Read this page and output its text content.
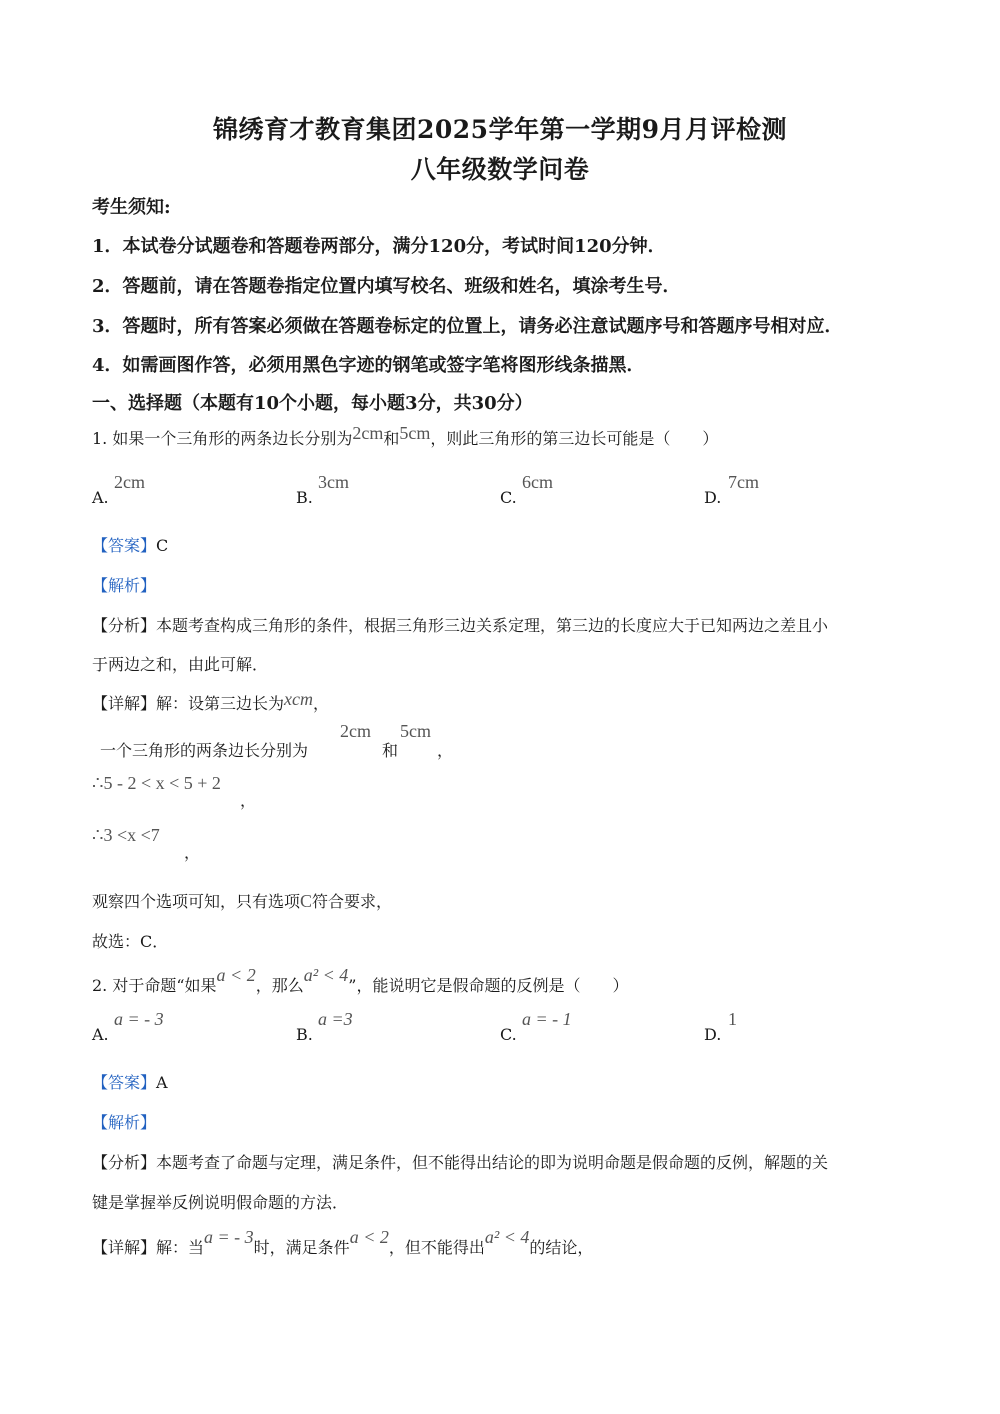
锦绣育才教育集团2025学年第一学期9月月评检测
八年级数学问卷
考生须知:
1．本试卷分试题卷和答题卷两部分，满分120分，考试时间120分钟．
2．答题前，请在答题卷指定位置内填写校名、班级和姓名，填涂考生号．
3．答题时，所有答案必须做在答题卷标定的位置上，请务必注意试题序号和答题序号相对应．
4．如需画图作答，必须用黑色字迹的钢笔或签字笔将图形线条描黑．
一、选择题（本题有10个小题，每小题3分，共30分）
1. 如果一个三角形的两条边长分别为2cm和5cm，则此三角形的第三边长可能是（　　）
A.
2cm
B.
3cm
C.
6cm
D.
7cm
【答案】C
【解析】
【分析】本题考查构成三角形的条件，根据三角形三边关系定理，第三边的长度应大于已知两边之差且小
于两边之和，由此可解．
【详解】解：设第三边长为xcm，
一个三角形的两条边长分别为
2cm
和
5cm
，
∴5 - 2 < x < 5 + 2
，
∴3 <x <7
，
观察四个选项可知，只有选项C符合要求，
故选：C．
2. 对于命题“如果a < 2，那么a² < 4”，能说明它是假命题的反例是（　　）
A.
a = - 3
B.
a =3
C.
a = - 1
D.
1
【答案】A
【解析】
【分析】本题考查了命题与定理，满足条件，但不能得出结论的即为说明命题是假命题的反例，解题的关
键是掌握举反例说明假命题的方法．
【详解】解：当a = - 3时，满足条件a < 2，但不能得出a² < 4的结论，
